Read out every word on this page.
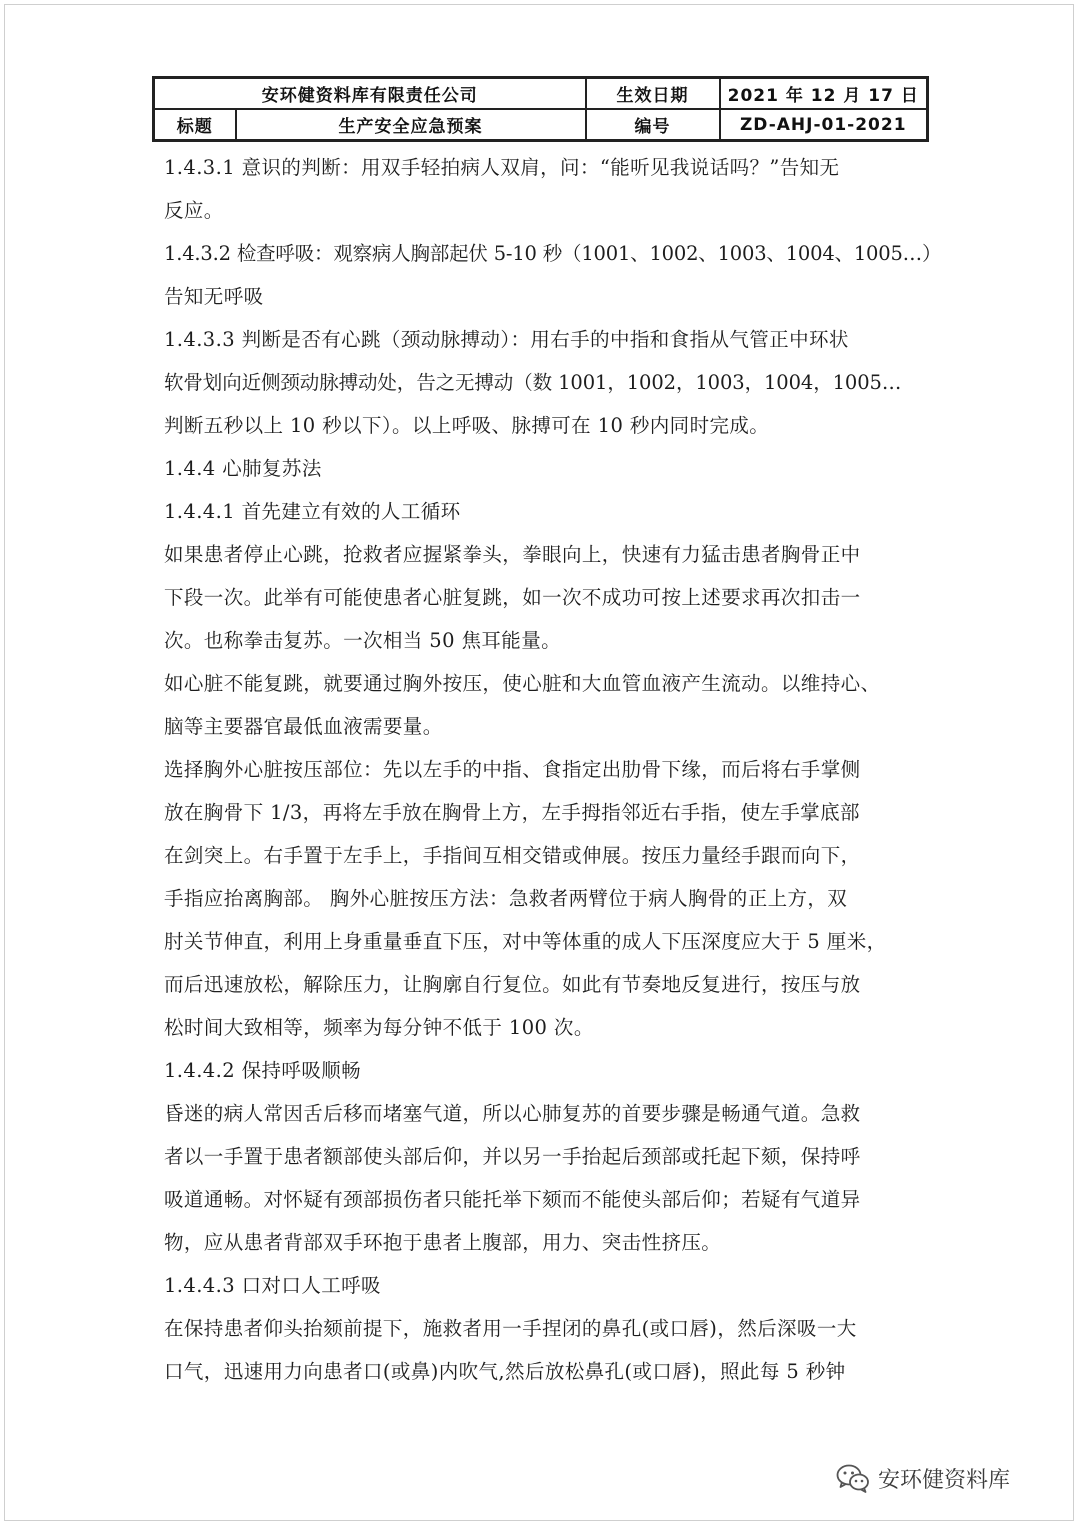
安环健资料库有限责任公司		生效日期	2021 年 12 月 17 日
标题	生产安全应急预案	编号	ZD-AHJ-01-2021

1.4.3.1 意识的判断：用双手轻拍病人双肩，问：“能听见我说话吗？”告知无

反应。

1.4.3.2 检查呼吸：观察病人胸部起伏 5-10 秒（1001、1002、1003、1004、1005…）

告知无呼吸

1.4.3.3 判断是否有心跳（颈动脉搏动）：用右手的中指和食指从气管正中环状

软骨划向近侧颈动脉搏动处，告之无搏动（数 1001，1002，1003，1004，1005…

判断五秒以上 10 秒以下）。以上呼吸、脉搏可在 10 秒内同时完成。

1.4.4 心肺复苏法

1.4.4.1 首先建立有效的人工循环

如果患者停止心跳，抢救者应握紧拳头，拳眼向上，快速有力猛击患者胸骨正中

下段一次。此举有可能使患者心脏复跳，如一次不成功可按上述要求再次扣击一

次。也称拳击复苏。一次相当 50 焦耳能量。

如心脏不能复跳，就要通过胸外按压，使心脏和大血管血液产生流动。以维持心、

脑等主要器官最低血液需要量。

选择胸外心脏按压部位：先以左手的中指、食指定出肋骨下缘，而后将右手掌侧

放在胸骨下 1/3，再将左手放在胸骨上方，左手拇指邻近右手指，使左手掌底部

在剑突上。右手置于左手上，手指间互相交错或伸展。按压力量经手跟而向下，

手指应抬离胸部。 胸外心脏按压方法：急救者两臂位于病人胸骨的正上方，双

肘关节伸直，利用上身重量垂直下压，对中等体重的成人下压深度应大于 5 厘米，

而后迅速放松，解除压力，让胸廓自行复位。如此有节奏地反复进行，按压与放

松时间大致相等，频率为每分钟不低于 100 次。

1.4.4.2 保持呼吸顺畅

昏迷的病人常因舌后移而堵塞气道，所以心肺复苏的首要步骤是畅通气道。急救

者以一手置于患者额部使头部后仰，并以另一手抬起后颈部或托起下颏，保持呼

吸道通畅。对怀疑有颈部损伤者只能托举下颏而不能使头部后仰；若疑有气道异

物，应从患者背部双手环抱于患者上腹部，用力、突击性挤压。

1.4.4.3 口对口人工呼吸

在保持患者仰头抬颏前提下，施救者用一手捏闭的鼻孔(或口唇)，然后深吸一大

口气，迅速用力向患者口(或鼻)内吹气,然后放松鼻孔(或口唇)，照此每 5 秒钟

安环健资料库
